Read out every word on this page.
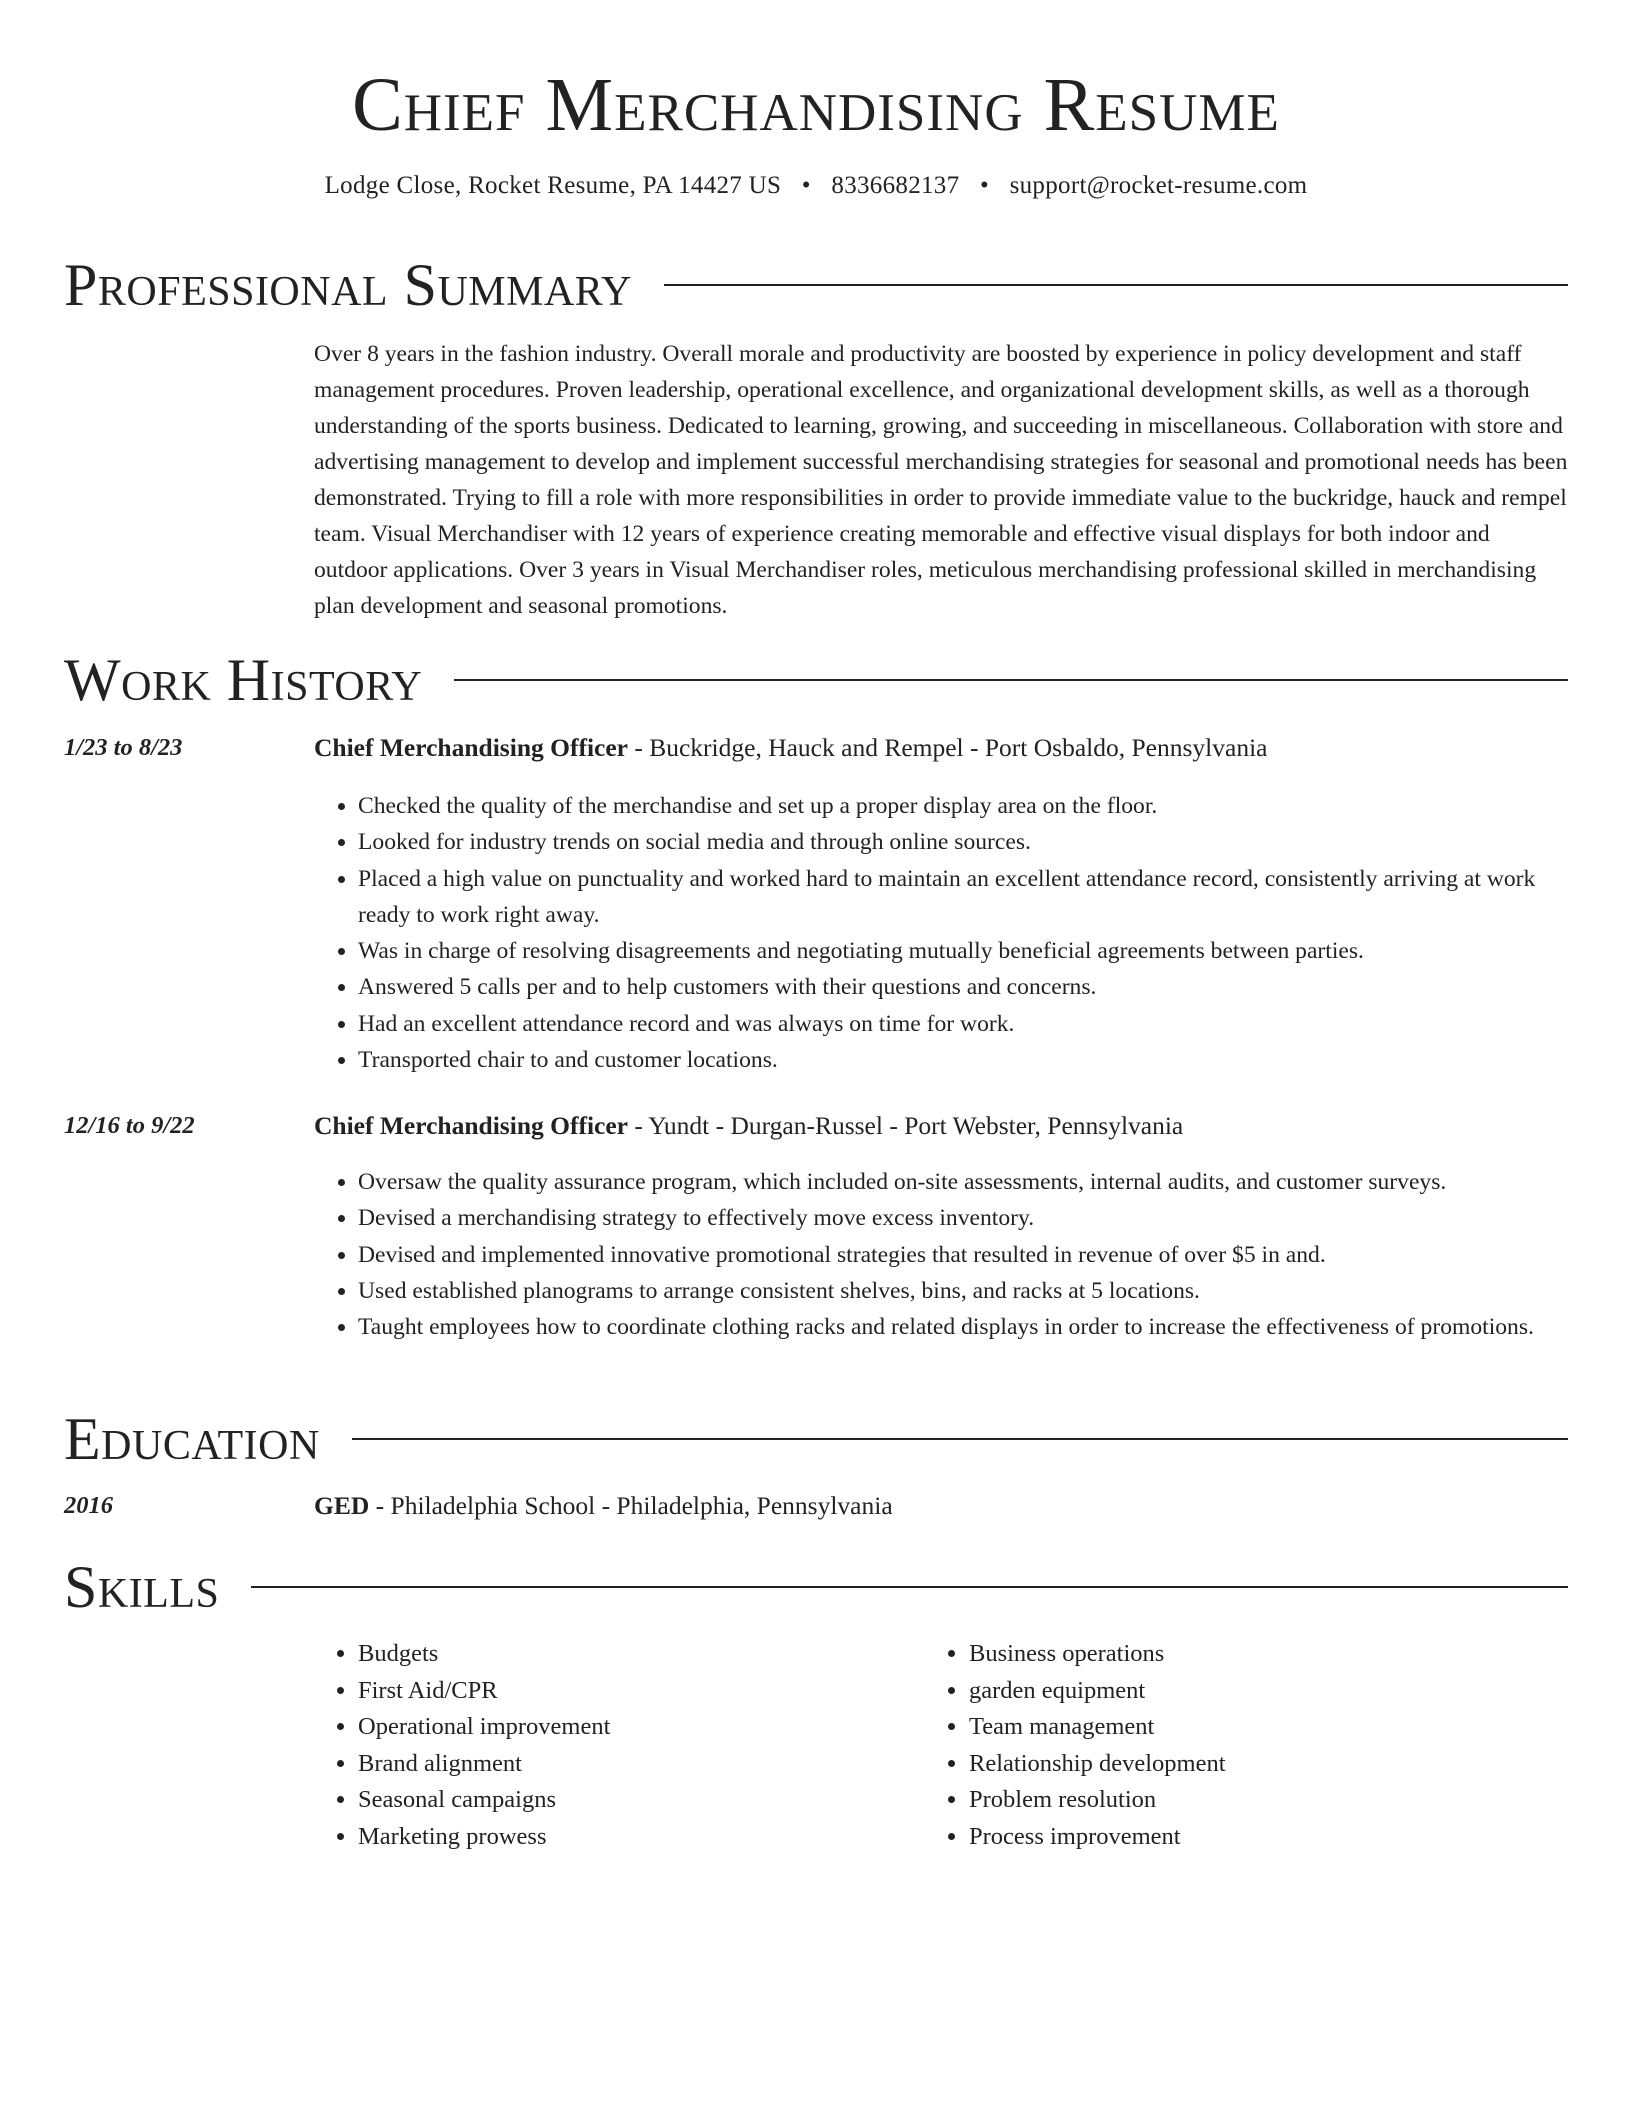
Chief Merchandising Resume
Lodge Close, Rocket Resume, PA 14427 US • 8336682137 • support@rocket-resume.com
Professional Summary
Over 8 years in the fashion industry. Overall morale and productivity are boosted by experience in policy development and staff management procedures. Proven leadership, operational excellence, and organizational development skills, as well as a thorough understanding of the sports business. Dedicated to learning, growing, and succeeding in miscellaneous. Collaboration with store and advertising management to develop and implement successful merchandising strategies for seasonal and promotional needs has been demonstrated. Trying to fill a role with more responsibilities in order to provide immediate value to the buckridge, hauck and rempel team. Visual Merchandiser with 12 years of experience creating memorable and effective visual displays for both indoor and outdoor applications. Over 3 years in Visual Merchandiser roles, meticulous merchandising professional skilled in merchandising plan development and seasonal promotions.
Work History
1/23 to 8/23	Chief Merchandising Officer - Buckridge, Hauck and Rempel - Port Osbaldo, Pennsylvania
• Checked the quality of the merchandise and set up a proper display area on the floor.
• Looked for industry trends on social media and through online sources.
• Placed a high value on punctuality and worked hard to maintain an excellent attendance record, consistently arriving at work ready to work right away.
• Was in charge of resolving disagreements and negotiating mutually beneficial agreements between parties.
• Answered 5 calls per and to help customers with their questions and concerns.
• Had an excellent attendance record and was always on time for work.
• Transported chair to and customer locations.
12/16 to 9/22	Chief Merchandising Officer - Yundt - Durgan-Russel - Port Webster, Pennsylvania
• Oversaw the quality assurance program, which included on-site assessments, internal audits, and customer surveys.
• Devised a merchandising strategy to effectively move excess inventory.
• Devised and implemented innovative promotional strategies that resulted in revenue of over $5 in and.
• Used established planograms to arrange consistent shelves, bins, and racks at 5 locations.
• Taught employees how to coordinate clothing racks and related displays in order to increase the effectiveness of promotions.
Education
2016	GED - Philadelphia School - Philadelphia, Pennsylvania
Skills
• Budgets
• First Aid/CPR
• Operational improvement
• Brand alignment
• Seasonal campaigns
• Marketing prowess
• Business operations
• garden equipment
• Team management
• Relationship development
• Problem resolution
• Process improvement
